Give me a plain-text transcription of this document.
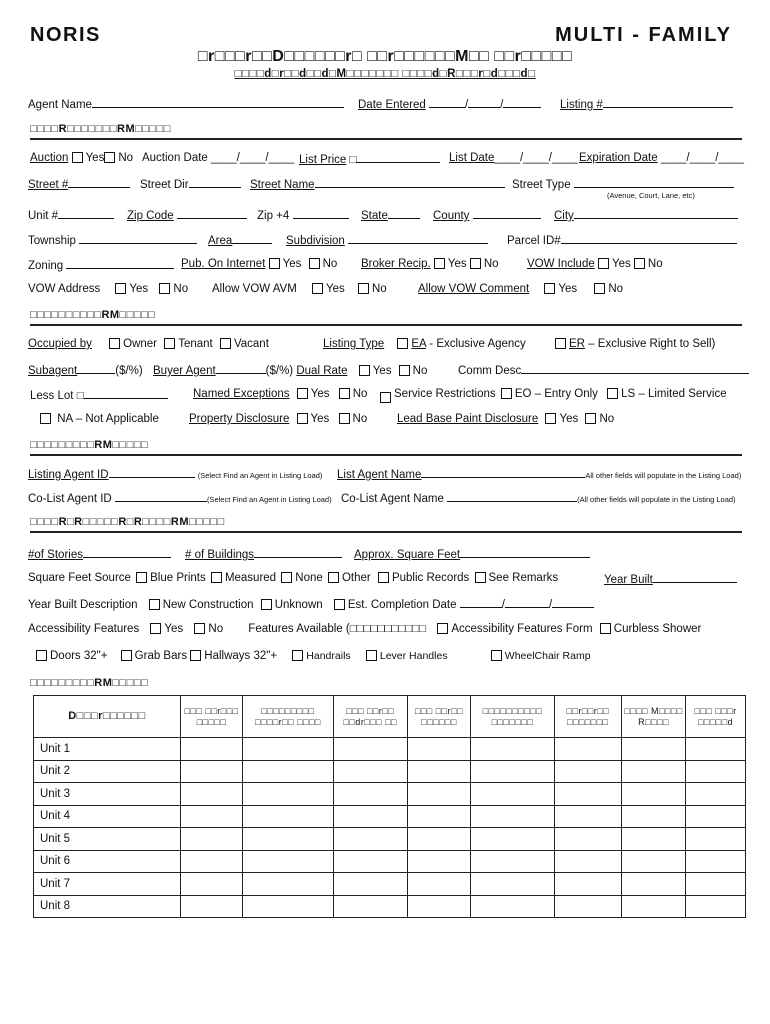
NORIS	MULTI - FAMILY
□r□□□r□□D□□□□□□r□ □□r□□□□□□M□□ □□r□□□□□
□□□□d□r□□d□□d□M□□□□□□□ □□□□d□R□□□r□d□□□d□
Agent Name	Date Entered	/	/	Listing #
□□□□R□□□□□□□RM□□□□□
Auction Yes No Auction Date ____/____/____ List Price □	List Date____/____/____ Expiration Date ____/____/____
Street #	Street Dir	Street Name	Street Type
(Avenue, Court, Lane, etc)
Unit #	Zip Code	Zip +4	State	County	City
Township	Area	Subdivision	Parcel ID#
Zoning	Pub. On Internet Yes No Broker Recip. Yes No VOW Include Yes No
VOW Address	Yes No Allow VOW AVM	Yes No	Allow VOW Comment	Yes	No
□□□□□□□□□□RM□□□□□
Occupied by	Owner Tenant Vacant	Listing Type EA - Exclusive Agency	ER – Exclusive Right to Sell)
Subagent	($/%) Buyer Agent	($/%) Dual Rate Yes No	Comm Desc
Less Lot □	Named Exceptions Yes No	Service Restrictions EO – Entry Only LS – Limited Service
NA – Not Applicable	Property Disclosure Yes No	Lead Base Paint Disclosure Yes No
□□□□□□□□□RM□□□□□
Listing Agent ID	(Select Find an Agent in Listing Load) List Agent Name	All other fields will populate in the Listing Load)
Co-List Agent ID	(Select Find an Agent in Listing Load) Co-List Agent Name	(All other fields will populate in the Listing Load)
□□□□R□R□□□□□R□R□□□□RM□□□□□
#of Stories	# of Buildings	Approx. Square Feet
Square Feet Source Blue Prints Measured None Other Public Records See Remarks	Year Built
Year Built Description New Construction Unknown Est. Completion Date	/	/
Accessibility Features Yes No Features Available (□□□□□□□□□□□ Accessibility Features Form Curbless Shower
Doors 32"+ Grab Bars Hallways 32"+	Handrails	Lever Handles	WheelChair Ramp
□□□□□□□□□RM□□□□□
D□□□r□□□□□□	□□□ □□r□□□ □□□□□	□□□□□□□□□ □□□□r□□ □□□□	□□□ □□r□□ □□dr□□□ □□	□□□ □□r□□ □□□□□□	□□□□□□□□□□ □□□□□□□	□□r□□r□□ □□□□□□□	□□□□ M□□□□ R□□□□	□□□ □□□r □□□□□d
Unit 1								
Unit 2								
Unit 3								
Unit 4								
Unit 5								
Unit 6								
Unit 7								
Unit 8								
